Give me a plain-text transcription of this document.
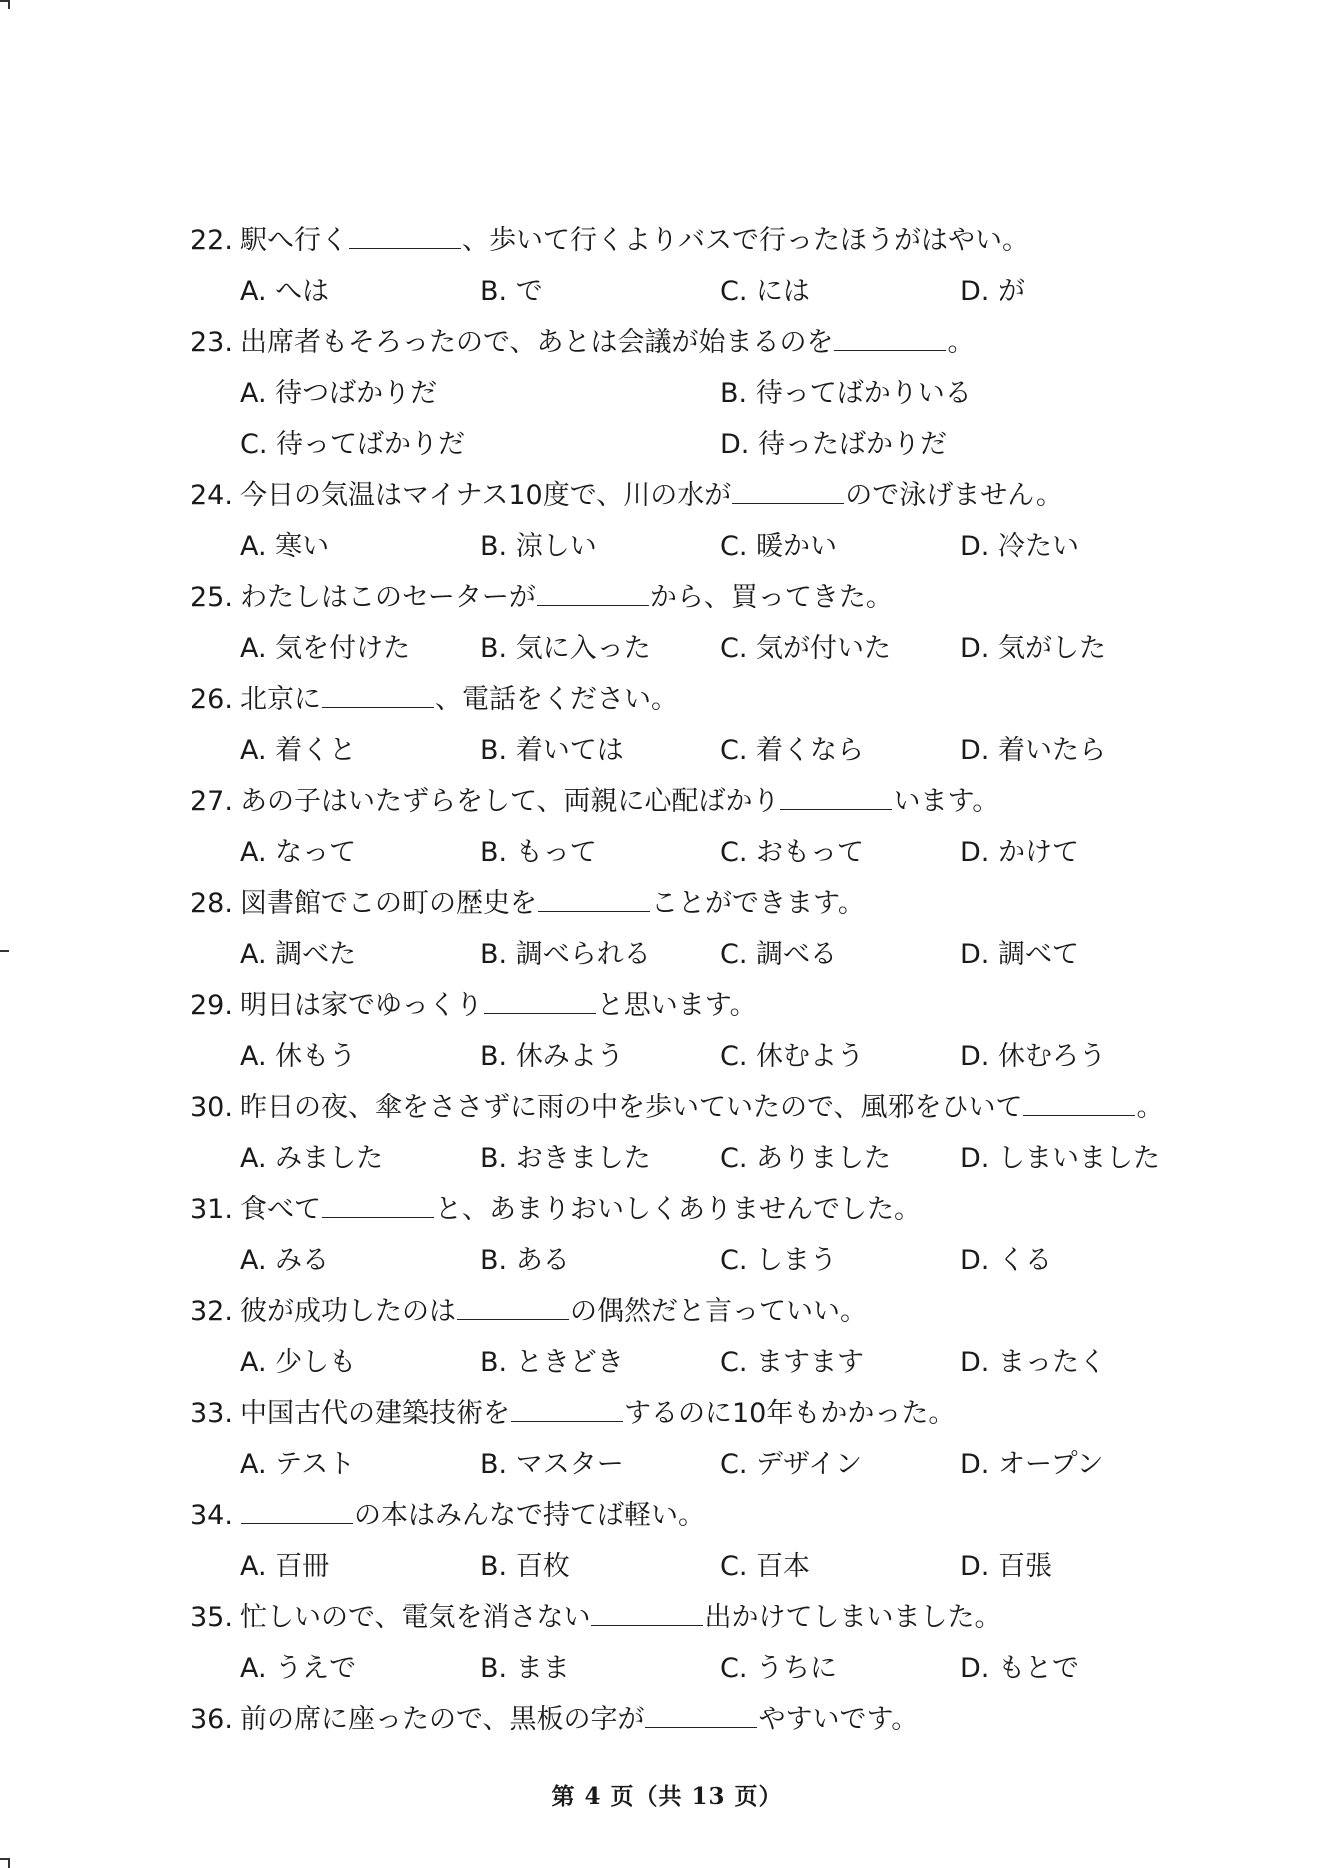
22. 駅へ行く	、歩いて行くよりバスで行ったほうがはやい。
A. へは	B. で	C. には	D. が
23. 出席者もそろったので、あとは会議が始まるのを	。
A. 待つばかりだ	B. 待ってばかりいる
C. 待ってばかりだ	D. 待ったばかりだ
24. 今日の気温はマイナス10度で、川の水が	ので泳げません。
A. 寒い	B. 涼しい	C. 暖かい	D. 冷たい
25. わたしはこのセーターが	から、買ってきた。
A. 気を付けた	B. 気に入った	C. 気が付いた	D. 気がした
26. 北京に	、電話をください。
A. 着くと	B. 着いては	C. 着くなら	D. 着いたら
27. あの子はいたずらをして、両親に心配ばかり	います。
A. なって	B. もって	C. おもって	D. かけて
28. 図書館でこの町の歴史を	ことができます。
A. 調べた	B. 調べられる	C. 調べる	D. 調べて
29. 明日は家でゆっくり	と思います。
A. 休もう	B. 休みよう	C. 休むよう	D. 休むろう
30. 昨日の夜、傘をささずに雨の中を歩いていたので、風邪をひいて	。
A. みました	B. おきました	C. ありました	D. しまいました
31. 食べて	と、あまりおいしくありませんでした。
A. みる	B. ある	C. しまう	D. くる
32. 彼が成功したのは	の偶然だと言っていい。
A. 少しも	B. ときどき	C. ますます	D. まったく
33. 中国古代の建築技術を	するのに10年もかかった。
A. テスト	B. マスター	C. デザイン	D. オープン
34.	の本はみんなで持てば軽い。
A. 百冊	B. 百枚	C. 百本	D. 百張
35. 忙しいので、電気を消さない	出かけてしまいました。
A. うえで	B. まま	C. うちに	D. もとで
36. 前の席に座ったので、黒板の字が	やすいです。
第 4 页（共 13 页）
